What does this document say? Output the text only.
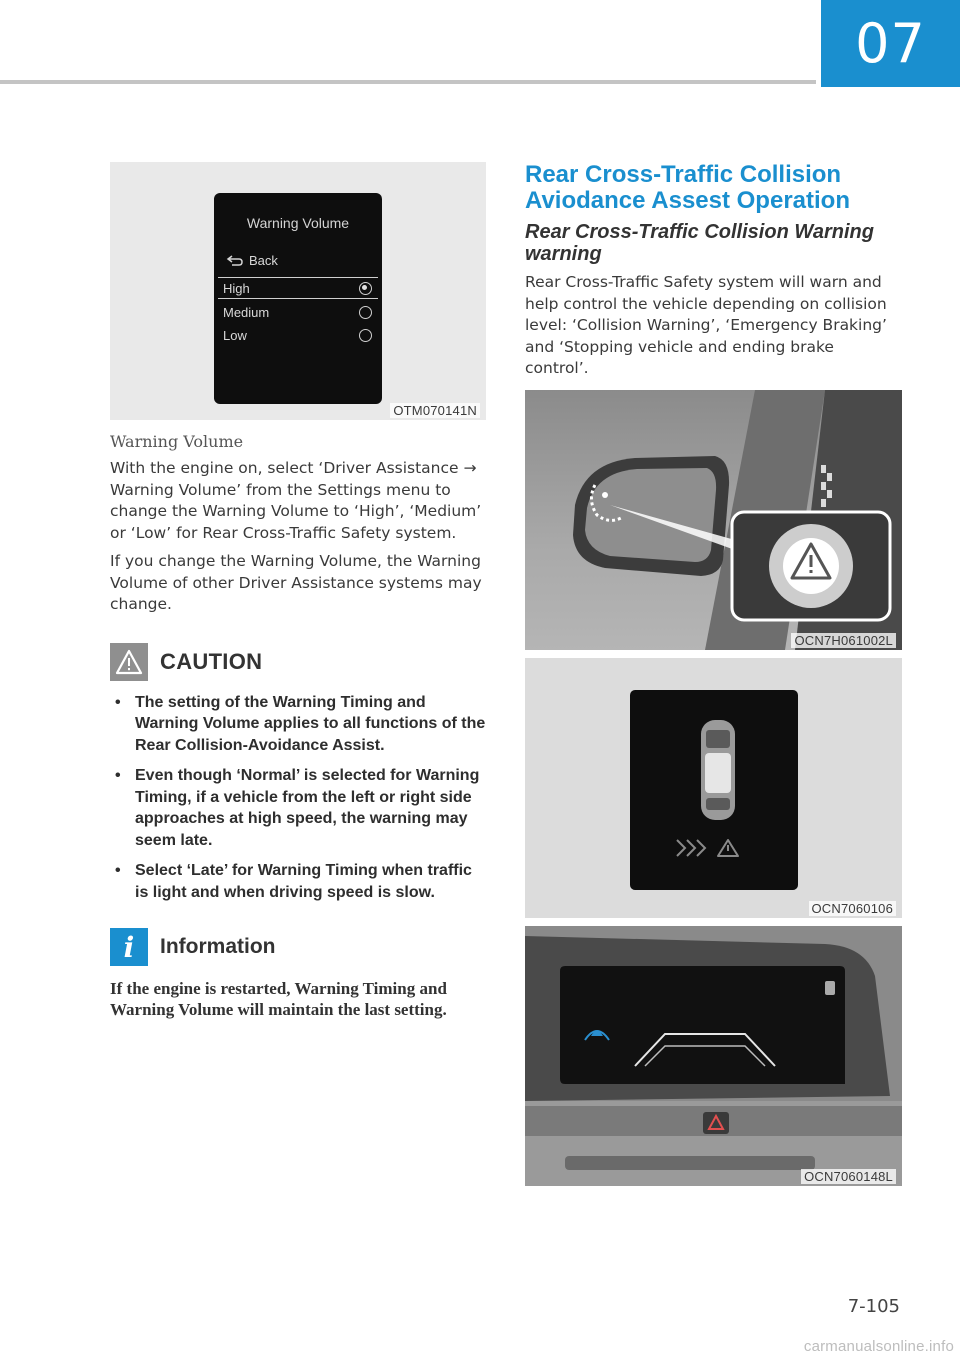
07
Warning Volume
Back
High
Medium
Low
OTM070141N
Warning Volume

With the engine on, select ‘Driver Assistance → Warning Volume’ from the Settings menu to change the Warning Volume to ‘High’, ‘Medium’ or ‘Low’ for Rear Cross-Traffic Safety system.

If you change the Warning Volume, the Warning Volume of other Driver Assistance systems may change.

CAUTION
• The setting of the Warning Timing and Warning Volume applies to all functions of the Rear Collision-Avoidance Assist.
• Even though ‘Normal’ is selected for Warning Timing, if a vehicle from the left or right side approaches at high speed, the warning may seem late.
• Select ‘Late’ for Warning Timing when traffic is light and when driving speed is slow.
i	Information

If the engine is restarted, Warning Timing and Warning Volume will maintain the last setting.

Rear Cross-Traffic Collision Aviodance Assest Operation
Rear Cross-Traffic Collision Warning warning

Rear Cross-Traffic Safety system will warn and help control the vehicle depending on collision level: ‘Collision Warning’, ‘Emergency Braking’ and ‘Stopping vehicle and ending brake control’.

OCN7H061002L
OCN7060106
OCN7060148L
7-105
carmanualsonline.info
